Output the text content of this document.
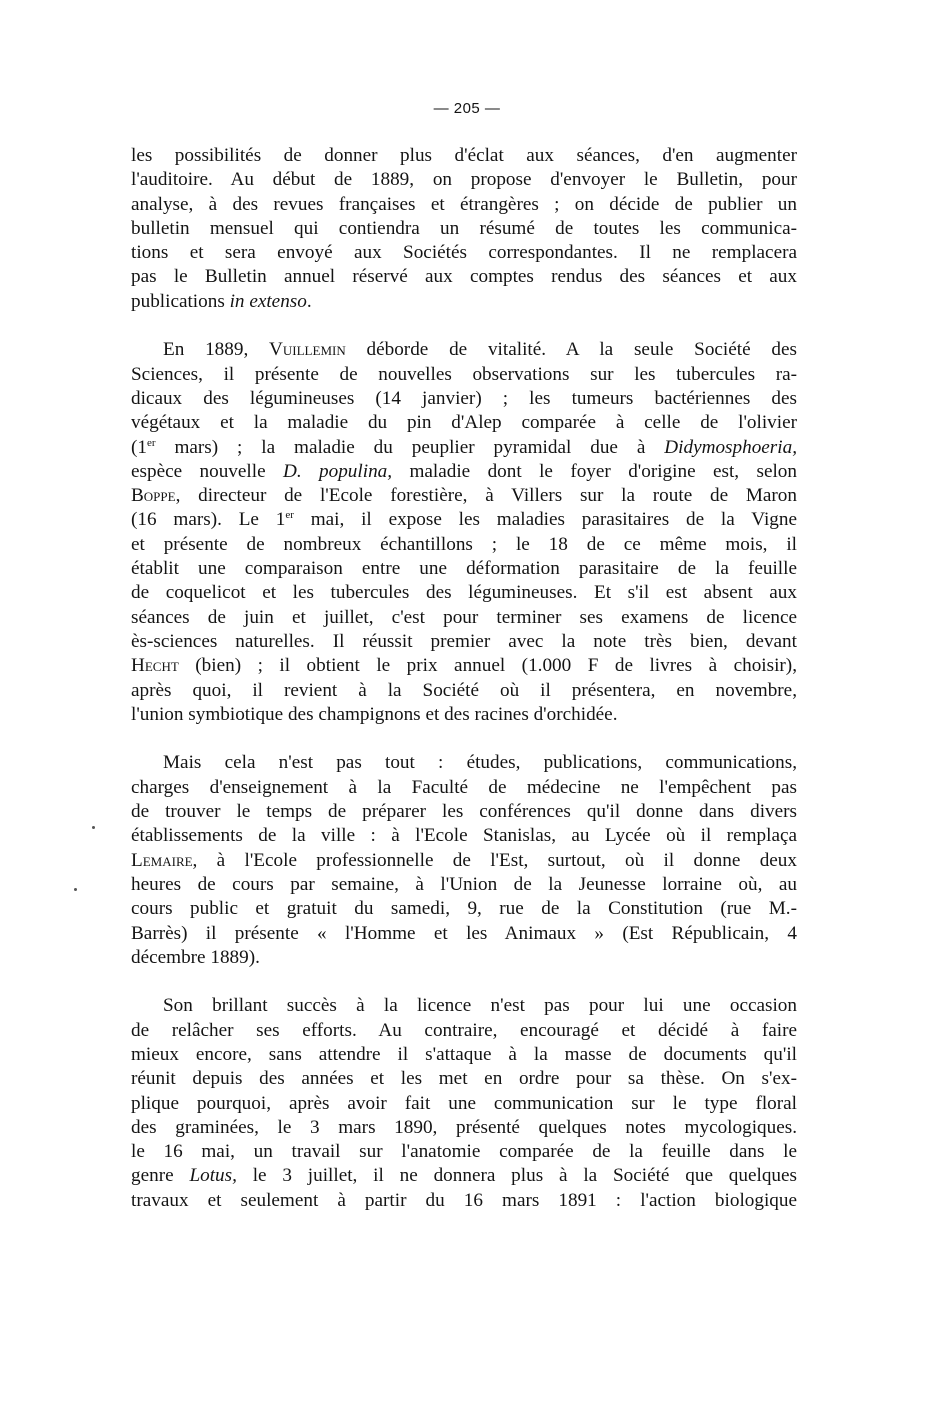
— 205 —
les possibilités de donner plus d'éclat aux séances, d'en augmenter
l'auditoire. Au début de 1889, on propose d'envoyer le Bulletin, pour
analyse, à des revues françaises et étrangères ; on décide de publier un
bulletin mensuel qui contiendra un résumé de toutes les communica-
tions et sera envoyé aux Sociétés correspondantes. Il ne remplacera
pas le Bulletin annuel réservé aux comptes rendus des séances et aux
publications in extenso.
En 1889, Vuillemin déborde de vitalité. A la seule Société des
Sciences, il présente de nouvelles observations sur les tubercules ra-
dicaux des légumineuses (14 janvier) ; les tumeurs bactériennes des
végétaux et la maladie du pin d'Alep comparée à celle de l'olivier
(1er mars) ; la maladie du peuplier pyramidal due à Didymosphoeria,
espèce nouvelle D. populina, maladie dont le foyer d'origine est, selon
Boppe, directeur de l'Ecole forestière, à Villers sur la route de Maron
(16 mars). Le 1er mai, il expose les maladies parasitaires de la Vigne
et présente de nombreux échantillons ; le 18 de ce même mois, il
établit une comparaison entre une déformation parasitaire de la feuille
de coquelicot et les tubercules des légumineuses. Et s'il est absent aux
séances de juin et juillet, c'est pour terminer ses examens de licence
ès-sciences naturelles. Il réussit premier avec la note très bien, devant
Hecht (bien) ; il obtient le prix annuel (1.000 F de livres à choisir),
après quoi, il revient à la Société où il présentera, en novembre,
l'union symbiotique des champignons et des racines d'orchidée.
Mais cela n'est pas tout : études, publications, communications,
charges d'enseignement à la Faculté de médecine ne l'empêchent pas
de trouver le temps de préparer les conférences qu'il donne dans divers
établissements de la ville : à l'Ecole Stanislas, au Lycée où il remplaça
Lemaire, à l'Ecole professionnelle de l'Est, surtout, où il donne deux
heures de cours par semaine, à l'Union de la Jeunesse lorraine où, au
cours public et gratuit du samedi, 9, rue de la Constitution (rue M.-
Barrès) il présente « l'Homme et les Animaux » (Est Républicain, 4
décembre 1889).
Son brillant succès à la licence n'est pas pour lui une occasion
de relâcher ses efforts. Au contraire, encouragé et décidé à faire
mieux encore, sans attendre il s'attaque à la masse de documents qu'il
réunit depuis des années et les met en ordre pour sa thèse. On s'ex-
plique pourquoi, après avoir fait une communication sur le type floral
des graminées, le 3 mars 1890, présenté quelques notes mycologiques.
le 16 mai, un travail sur l'anatomie comparée de la feuille dans le
genre Lotus, le 3 juillet, il ne donnera plus à la Société que quelques
travaux et seulement à partir du 16 mars 1891 : l'action biologique
